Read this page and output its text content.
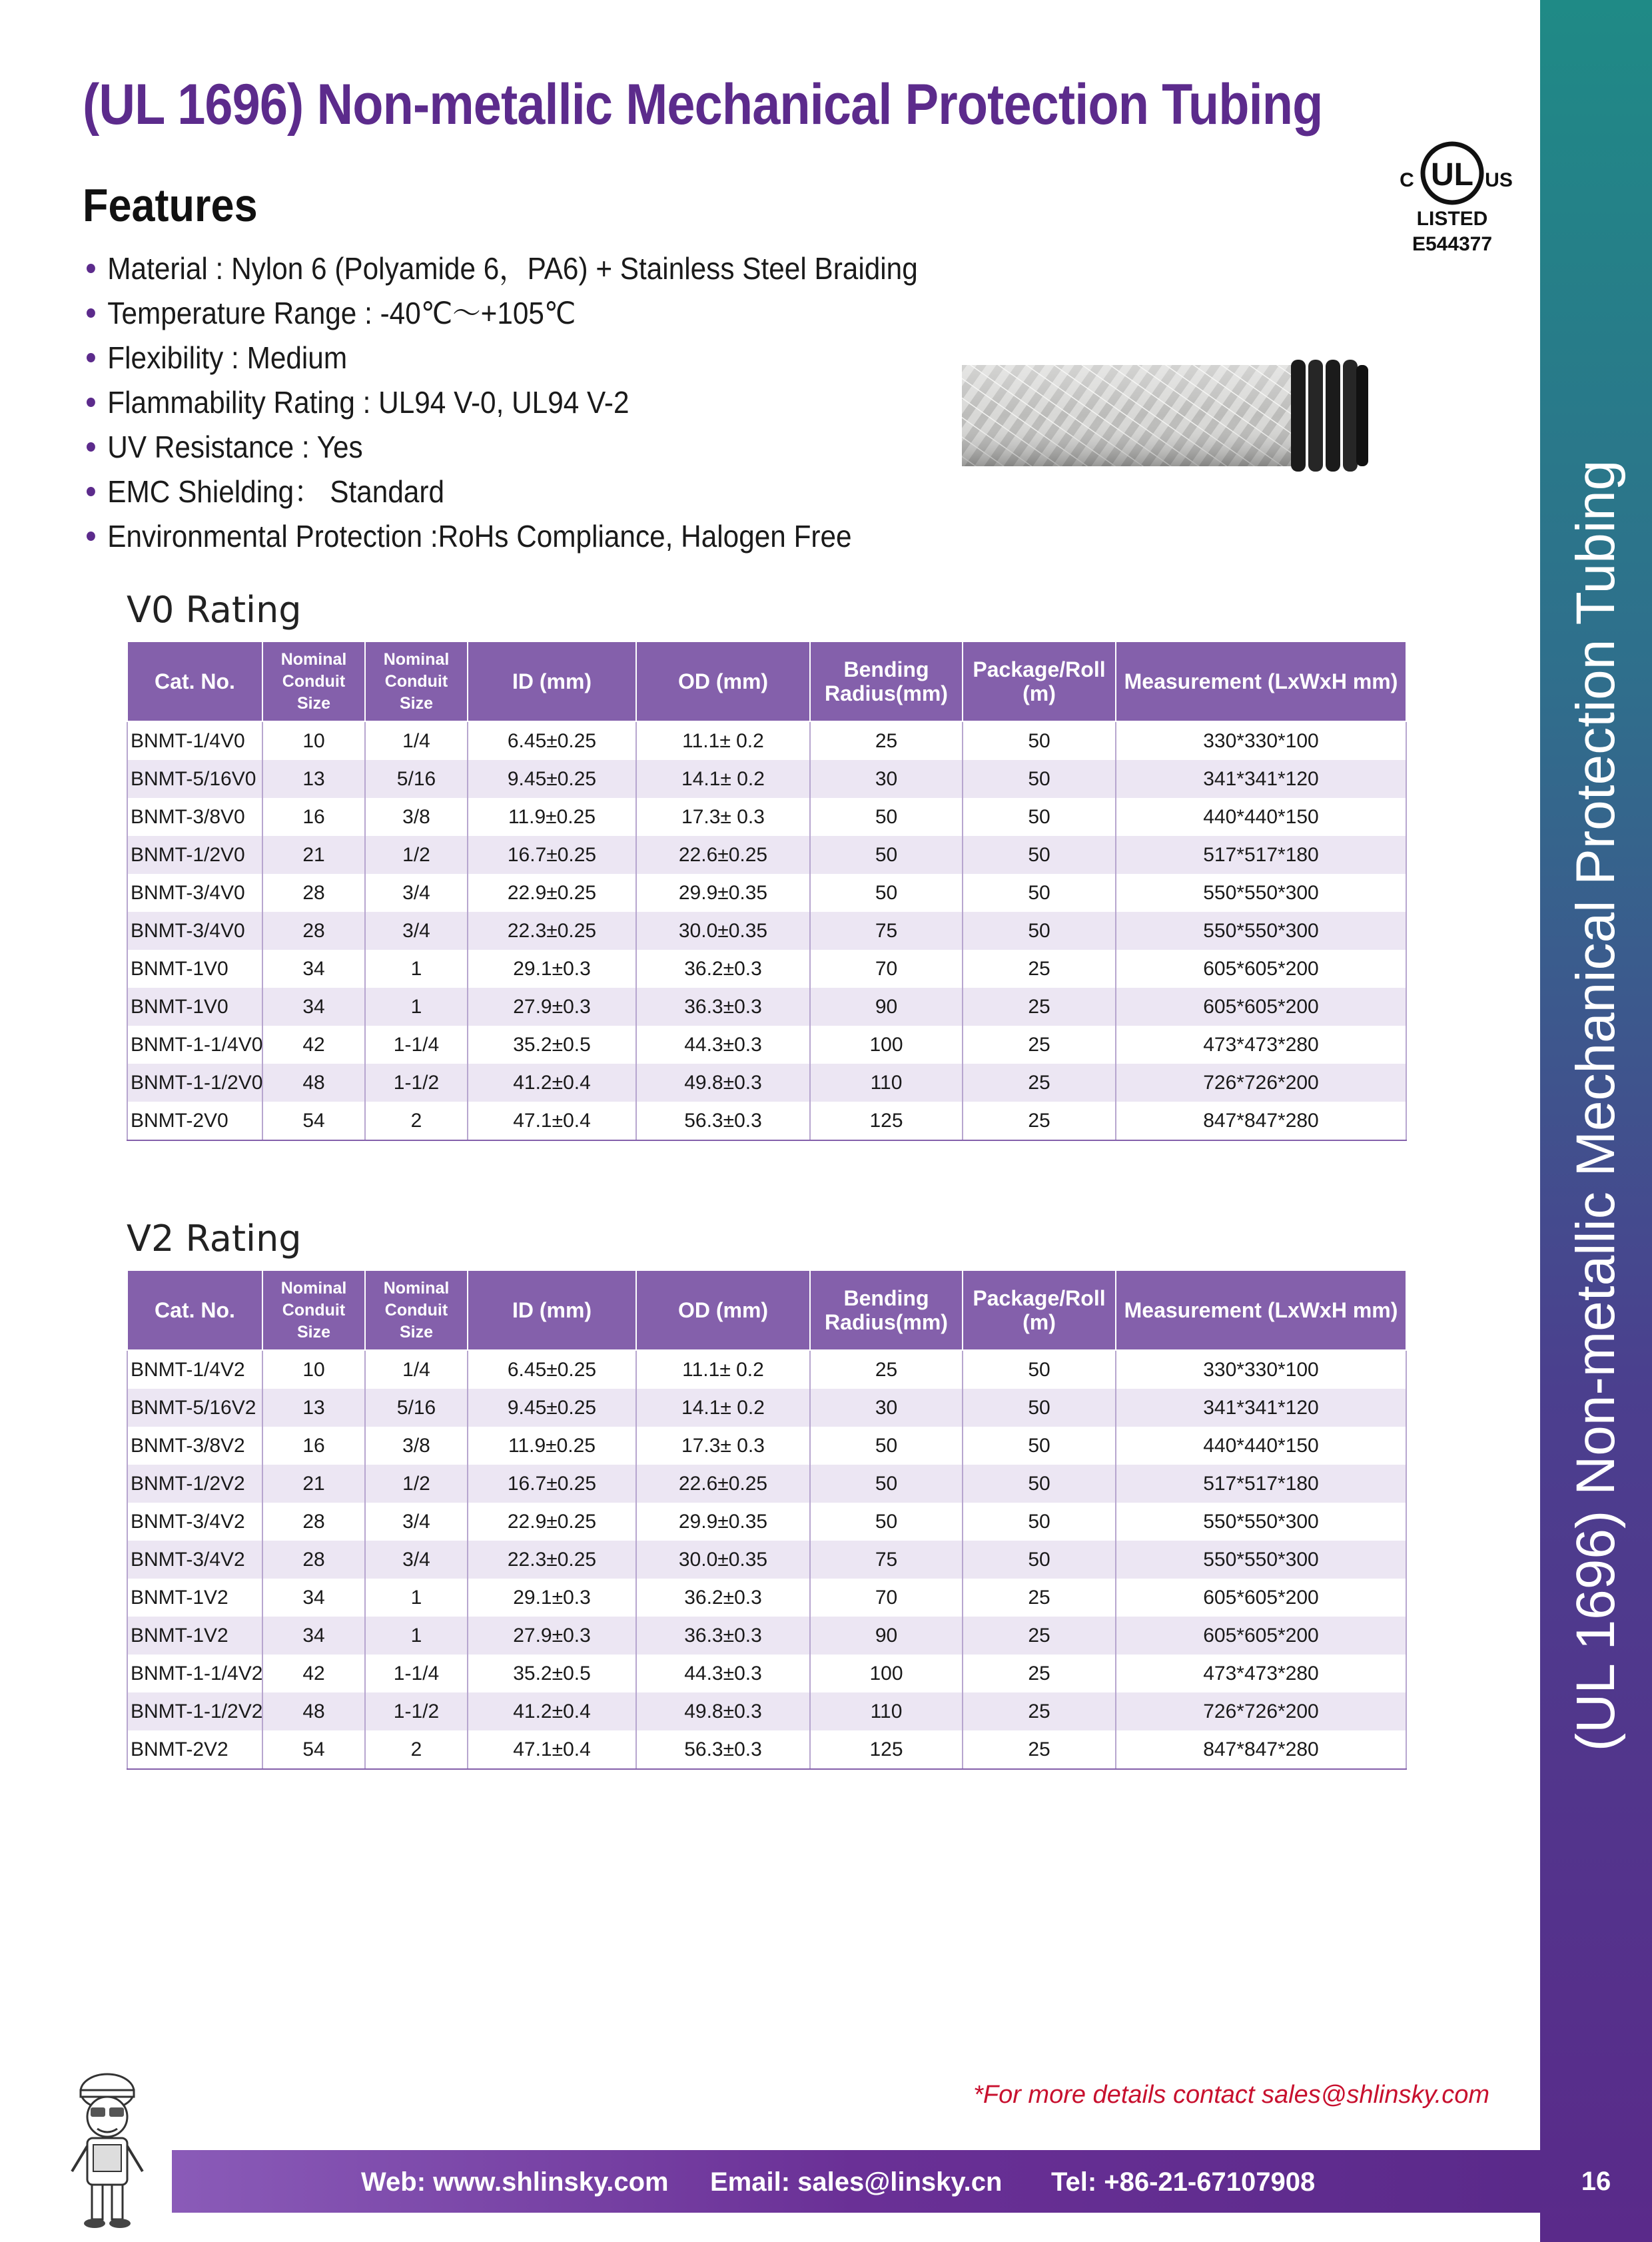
(UL 1696) Non-metallic Mechanical Protection Tubing
(UL 1696) Non-metallic Mechanical Protection Tubing
UL
C	US
LISTED
E544377
Features
Material : Nylon 6 (Polyamide 6，PA6) + Stainless Steel Braiding
Temperature Range : -40℃～+105℃
Flexibility : Medium
Flammability Rating : UL94 V-0, UL94 V-2
UV Resistance : Yes
EMC Shielding： Standard
Environmental Protection :RoHs Compliance, Halogen Free
V0 Rating
Cat. No.	Nominal Conduit Size	Nominal Conduit Size	ID (mm)	OD (mm)	Bending Radius(mm)	Package/Roll (m)	Measurement (LxWxH mm)
BNMT-1/4V0	10	1/4	6.45±0.25	11.1± 0.2	25	50	330*330*100
BNMT-5/16V0	13	5/16	9.45±0.25	14.1± 0.2	30	50	341*341*120
BNMT-3/8V0	16	3/8	11.9±0.25	17.3± 0.3	50	50	440*440*150
BNMT-1/2V0	21	1/2	16.7±0.25	22.6±0.25	50	50	517*517*180
BNMT-3/4V0	28	3/4	22.9±0.25	29.9±0.35	50	50	550*550*300
BNMT-3/4V0	28	3/4	22.3±0.25	30.0±0.35	75	50	550*550*300
BNMT-1V0	34	1	29.1±0.3	36.2±0.3	70	25	605*605*200
BNMT-1V0	34	1	27.9±0.3	36.3±0.3	90	25	605*605*200
BNMT-1-1/4V0	42	1-1/4	35.2±0.5	44.3±0.3	100	25	473*473*280
BNMT-1-1/2V0	48	1-1/2	41.2±0.4	49.8±0.3	110	25	726*726*200
BNMT-2V0	54	2	47.1±0.4	56.3±0.3	125	25	847*847*280
V2 Rating
Cat. No.	Nominal Conduit Size	Nominal Conduit Size	ID (mm)	OD (mm)	Bending Radius(mm)	Package/Roll (m)	Measurement (LxWxH mm)
BNMT-1/4V2	10	1/4	6.45±0.25	11.1± 0.2	25	50	330*330*100
BNMT-5/16V2	13	5/16	9.45±0.25	14.1± 0.2	30	50	341*341*120
BNMT-3/8V2	16	3/8	11.9±0.25	17.3± 0.3	50	50	440*440*150
BNMT-1/2V2	21	1/2	16.7±0.25	22.6±0.25	50	50	517*517*180
BNMT-3/4V2	28	3/4	22.9±0.25	29.9±0.35	50	50	550*550*300
BNMT-3/4V2	28	3/4	22.3±0.25	30.0±0.35	75	50	550*550*300
BNMT-1V2	34	1	29.1±0.3	36.2±0.3	70	25	605*605*200
BNMT-1V2	34	1	27.9±0.3	36.3±0.3	90	25	605*605*200
BNMT-1-1/4V2	42	1-1/4	35.2±0.5	44.3±0.3	100	25	473*473*280
BNMT-1-1/2V2	48	1-1/2	41.2±0.4	49.8±0.3	110	25	726*726*200
BNMT-2V2	54	2	47.1±0.4	56.3±0.3	125	25	847*847*280

*For more details contact sales@shlinsky.com

Web: www.shlinsky.com Email: sales@linsky.cn Tel: +86-21-67107908	16
